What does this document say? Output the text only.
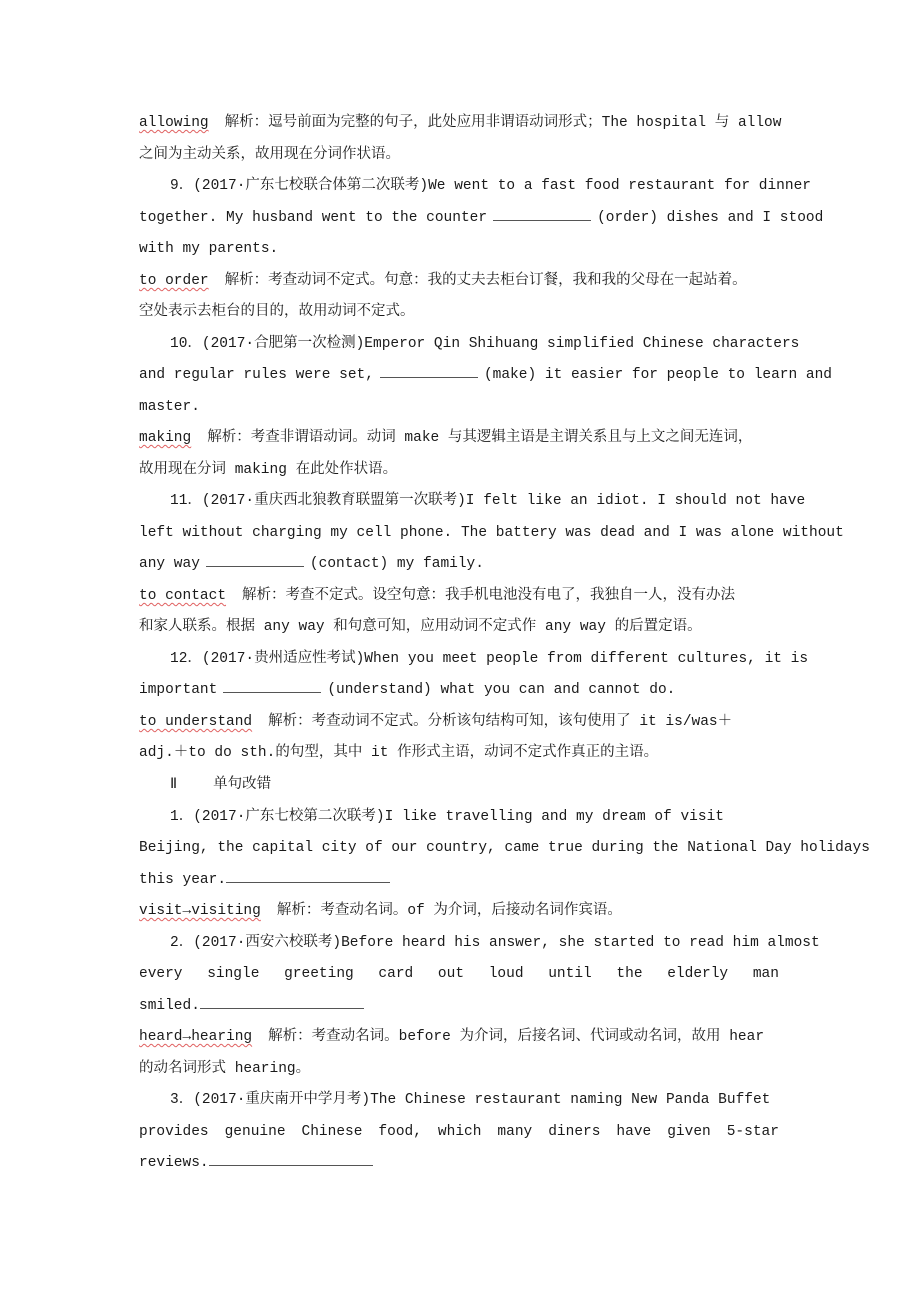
allowing 解析：逗号前面为完整的句子，此处应用非谓语动词形式；The hospital 与 allow
之间为主动关系，故用现在分词作状语。
9．(2017·广东七校联合体第二次联考)We went to a fast food restaurant for dinner
together. My husband went to the counter	(order) dishes and I stood
with my parents.
to order 解析：考查动词不定式。句意：我的丈夫去柜台订餐，我和我的父母在一起站着。
空处表示去柜台的目的，故用动词不定式。
10．(2017·合肥第一次检测)Emperor Qin Shihuang simplified Chinese characters
and regular rules were set,	(make) it easier for people to learn and
master.
making 解析：考查非谓语动词。动词 make 与其逻辑主语是主谓关系且与上文之间无连词，
故用现在分词 making 在此处作状语。
11．(2017·重庆西北狼教育联盟第一次联考)I felt like an idiot. I should not have
left without charging my cell phone. The battery was dead and I was alone without
any way	(contact) my family.
to contact 解析：考查不定式。设空句意：我手机电池没有电了，我独自一人，没有办法
和家人联系。根据 any way 和句意可知，应用动词不定式作 any way 的后置定语。
12．(2017·贵州适应性考试)When you meet people from different cultures, it is
important	(understand) what you can and cannot do.
to understand 解析：考查动词不定式。分析该句结构可知，该句使用了 it is/was＋
adj.＋to do sth.的句型，其中 it 作形式主语，动词不定式作真正的主语。
Ⅱ 单句改错
1．(2017·广东七校第二次联考)I like travelling and my dream of visit
Beijing, the capital city of our country, came true during the National Day holidays
this year.
visit→visiting 解析：考查动名词。of 为介词，后接动名词作宾语。
2．(2017·西安六校联考)Before heard his answer, she started to read him almost
every single greeting card out loud until the elderly man
smiled.
heard→hearing 解析：考查动名词。before 为介词，后接名词、代词或动名词，故用 hear
的动名词形式 hearing。
3．(2017·重庆南开中学月考)The Chinese restaurant naming New Panda Buffet
provides genuine Chinese food, which many diners have given 5-star
reviews.
